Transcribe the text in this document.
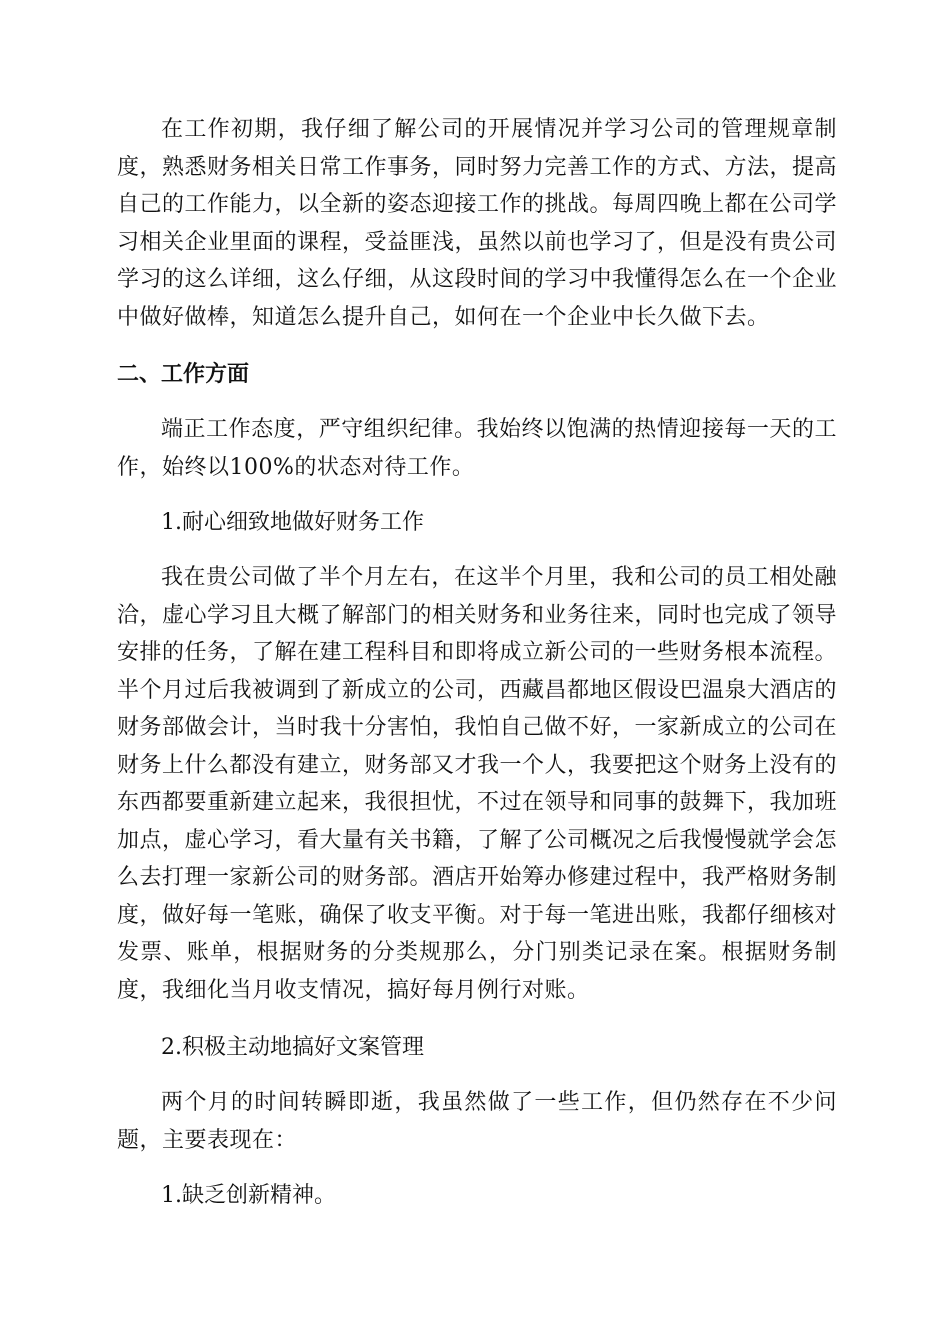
在工作初期，我仔细了解公司的开展情况并学习公司的管理规章制度，熟悉财务相关日常工作事务，同时努力完善工作的方式、方法，提高自己的工作能力，以全新的姿态迎接工作的挑战。每周四晚上都在公司学习相关企业里面的课程，受益匪浅，虽然以前也学习了，但是没有贵公司学习的这么详细，这么仔细，从这段时间的学习中我懂得怎么在一个企业中做好做棒，知道怎么提升自己，如何在一个企业中长久做下去。

二、工作方面

端正工作态度，严守组织纪律。我始终以饱满的热情迎接每一天的工作，始终以100%的状态对待工作。

1.耐心细致地做好财务工作

我在贵公司做了半个月左右，在这半个月里，我和公司的员工相处融洽，虚心学习且大概了解部门的相关财务和业务往来，同时也完成了领导安排的任务，了解在建工程科目和即将成立新公司的一些财务根本流程。半个月过后我被调到了新成立的公司，西藏昌都地区假设巴温泉大酒店的财务部做会计，当时我十分害怕，我怕自己做不好，一家新成立的公司在财务上什么都没有建立，财务部又才我一个人，我要把这个财务上没有的东西都要重新建立起来，我很担忧，不过在领导和同事的鼓舞下，我加班加点，虚心学习，看大量有关书籍，了解了公司概况之后我慢慢就学会怎么去打理一家新公司的财务部。酒店开始筹办修建过程中，我严格财务制度，做好每一笔账，确保了收支平衡。对于每一笔进出账，我都仔细核对发票、账单，根据财务的分类规那么，分门别类记录在案。根据财务制度，我细化当月收支情况，搞好每月例行对账。

2.积极主动地搞好文案管理

两个月的时间转瞬即逝，我虽然做了一些工作，但仍然存在不少问题，主要表现在：

1.缺乏创新精神。
